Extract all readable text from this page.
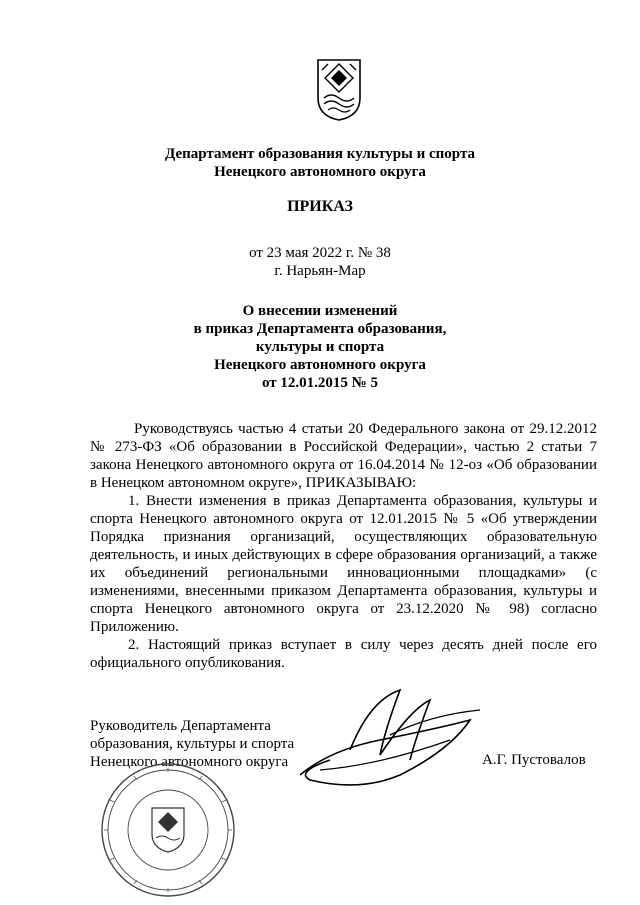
Департамент образования культуры и спорта
Ненецкого автономного округа
ПРИКАЗ
от 23 мая 2022 г. № 38
г. Нарьян-Мар
О внесении изменений
в приказ Департамента образования,
культуры и спорта
Ненецкого автономного округа
от 12.01.2015 № 5

Руководствуясь частью 4 статьи 20 Федерального закона от 29.12.2012 № 273-ФЗ «Об образовании в Российской Федерации», частью 2 статьи 7 закона Ненецкого автономного округа от 16.04.2014 № 12-оз «Об образовании в Ненецком автономном округе», ПРИКАЗЫВАЮ:

1. Внести изменения в приказ Департамента образования, культуры и спорта Ненецкого автономного округа от 12.01.2015 № 5 «Об утверждении Порядка признания организаций, осуществляющих образовательную деятельность, и иных действующих в сфере образования организаций, а также их объединений региональными инновационными площадками» (с изменениями, внесенными приказом Департамента образования, культуры и спорта Ненецкого автономного округа от 23.12.2020 № 98) согласно Приложению.

2. Настоящий приказ вступает в силу через десять дней после его официального опубликования.

Руководитель Департамента
образования, культуры и спорта
Ненецкого автономного округа	А.Г. Пустовалов
